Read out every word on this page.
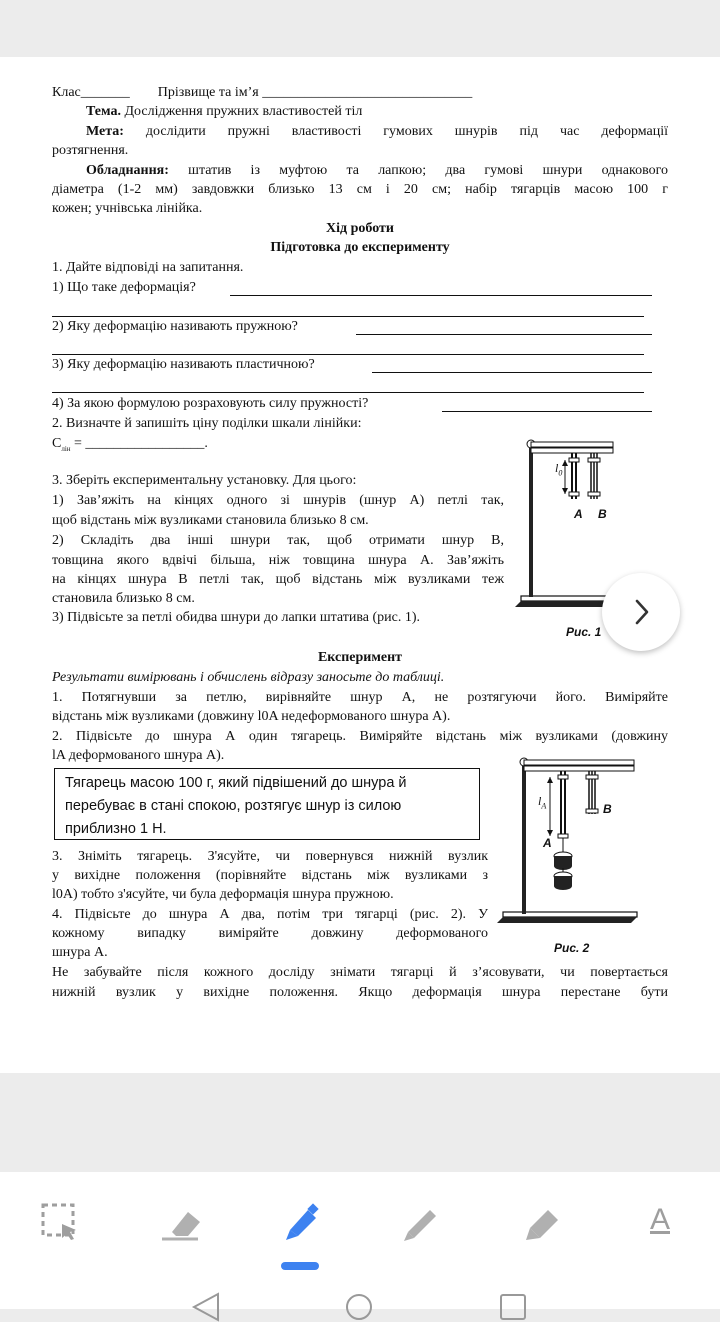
Клас_______ Прізвище та ім’я ______________________________
Тема. Дослідження пружних властивостей тіл
Мета: дослідити пружні властивості гумових шнурів під час деформації
розтягнення.
Обладнання: штатив із муфтою та лапкою; два гумові шнури однакового
діаметра (1-2 мм) завдовжки близько 13 см і 20 см; набір тягарців масою 100 г
кожен; учнівська лінійка.
Хід роботи
Підготовка до експерименту
1. Дайте відповіді на запитання.
1) Що таке деформація?
2) Яку деформацію називають пружною?
3) Яку деформацію називають пластичною?
4) За якою формулою розраховують силу пружності?
2. Визначте й запишіть ціну поділки шкали лінійки:
$C_{лін}$ = _________________.
3. Зберіть експериментальну установку. Для цього:
1) Зав’яжіть на кінцях одного зі шнурів (шнур А) петлі так,
щоб відстань між вузликами становила близько 8 см.
2) Складіть два інші шнури так, щоб отримати шнур В,
товщина якого вдвічі більша, ніж товщина шнура А. Зав’яжіть
на кінцях шнура В петлі так, щоб відстань між вузликами теж
становила близько 8 см.
3) Підвісьте за петлі обидва шнури до лапки штатива (рис. 1).
$l_0$
A B
Рис. 1
Експеримент
Результати вимірювань і обчислень відразу заносьте до таблиці.
1. Потягнувши за петлю, вирівняйте шнур А, не розтягуючи його. Виміряйте
відстань між вузликами (довжину l0A недеформованого шнура А).
2. Підвісьте до шнура А один тягарець. Виміряйте відстань між вузликами (довжину
lA деформованого шнура А).
Тягарець масою 100 г, який підвішений до шнура й
перебуває в стані спокою, розтягує шнур із силою
приблизно 1 Н.
3. Зніміть тягарець. З'ясуйте, чи повернувся нижній вузлик
у вихідне положення (порівняйте відстань між вузликами з
l0A) тобто з'ясуйте, чи була деформація шнура пружною.
4. Підвісьте до шнура А два, потім три тягарці (рис. 2). У
кожному випадку виміряйте довжину деформованого
шнура А.
$l_A$
A
B
Рис. 2
Не забувайте після кожного досліду знімати тягарці й з’ясовувати, чи повертається
нижній вузлик у вихідне положення. Якщо деформація шнура перестане бути
A
